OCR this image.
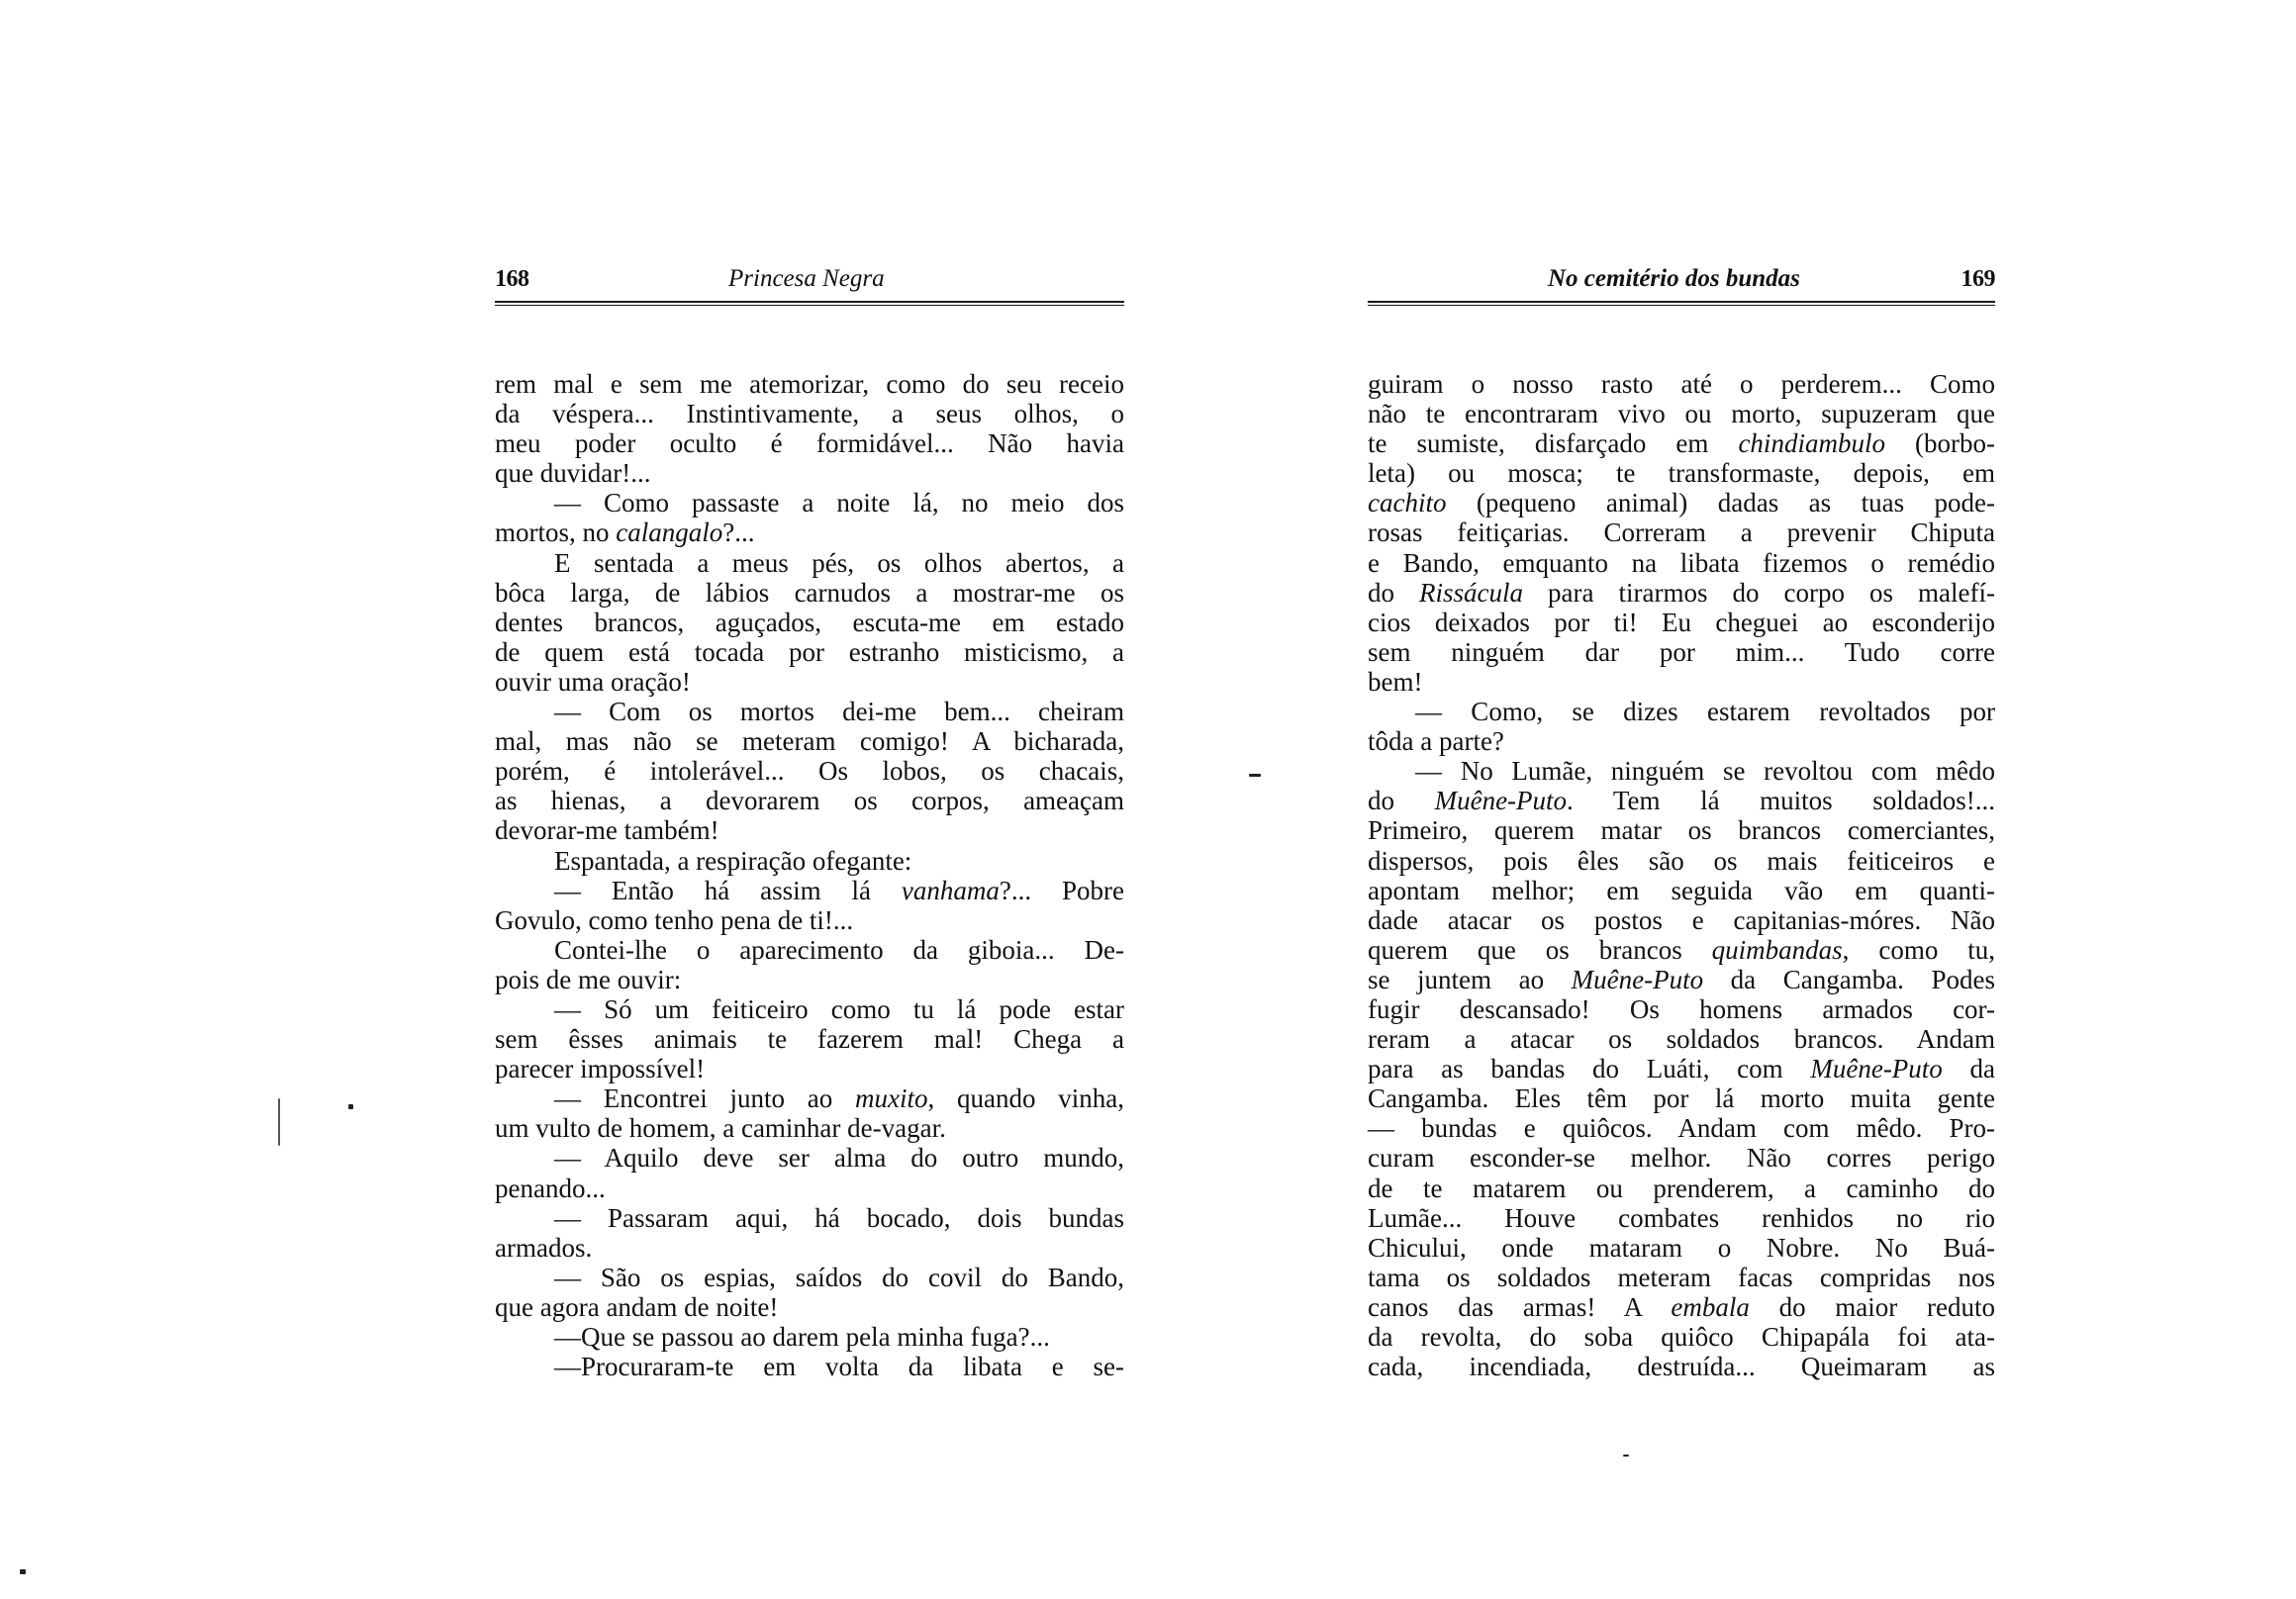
168	Princesa Negra
rem mal e sem me atemorizar, como do seu receio
da véspera... Instintivamente, a seus olhos, o
meu poder oculto é formidável... Não havia
que duvidar!...
— Como passaste a noite lá, no meio dos
mortos, no calangalo?...
E sentada a meus pés, os olhos abertos, a
bôca larga, de lábios carnudos a mostrar-me os
dentes brancos, aguçados, escuta-me em estado
de quem está tocada por estranho misticismo, a
ouvir uma oração!
— Com os mortos dei-me bem... cheiram
mal, mas não se meteram comigo! A bicharada,
porém, é intolerável... Os lobos, os chacais,
as hienas, a devorarem os corpos, ameaçam
devorar-me também!
Espantada, a respiração ofegante:
— Então há assim lá vanhama?... Pobre
Govulo, como tenho pena de ti!...
Contei-lhe o aparecimento da giboia... De-
pois de me ouvir:
— Só um feiticeiro como tu lá pode estar
sem êsses animais te fazerem mal! Chega a
parecer impossível!
— Encontrei junto ao muxito, quando vinha,
um vulto de homem, a caminhar de-vagar.
— Aquilo deve ser alma do outro mundo,
penando...
— Passaram aqui, há bocado, dois bundas
armados.
— São os espias, saídos do covil do Bando,
que agora andam de noite!
—Que se passou ao darem pela minha fuga?...
—Procuraram-te em volta da libata e se-
No cemitério dos bundas	169
guiram o nosso rasto até o perderem... Como
não te encontraram vivo ou morto, supuzeram que
te sumiste, disfarçado em chindiambulo (borbo-
leta) ou mosca; te transformaste, depois, em
cachito (pequeno animal) dadas as tuas pode-
rosas feitiçarias. Correram a prevenir Chiputa
e Bando, emquanto na libata fizemos o remédio
do Rissácula para tirarmos do corpo os malefí-
cios deixados por ti! Eu cheguei ao esconderijo
sem ninguém dar por mim... Tudo corre
bem!
— Como, se dizes estarem revoltados por
tôda a parte?
— No Lumãe, ninguém se revoltou com mêdo
do Muêne-Puto. Tem lá muitos soldados!...
Primeiro, querem matar os brancos comerciantes,
dispersos, pois êles são os mais feiticeiros e
apontam melhor; em seguida vão em quanti-
dade atacar os postos e capitanias-móres. Não
querem que os brancos quimbandas, como tu,
se juntem ao Muêne-Puto da Cangamba. Podes
fugir descansado! Os homens armados cor-
reram a atacar os soldados brancos. Andam
para as bandas do Luáti, com Muêne-Puto da
Cangamba. Eles têm por lá morto muita gente
— bundas e quiôcos. Andam com mêdo. Pro-
curam esconder-se melhor. Não corres perigo
de te matarem ou prenderem, a caminho do
Lumãe... Houve combates renhidos no rio
Chicului, onde mataram o Nobre. No Buá-
tama os soldados meteram facas compridas nos
canos das armas! A embala do maior reduto
da revolta, do soba quiôco Chipapála foi ata-
cada, incendiada, destruída... Queimaram as
